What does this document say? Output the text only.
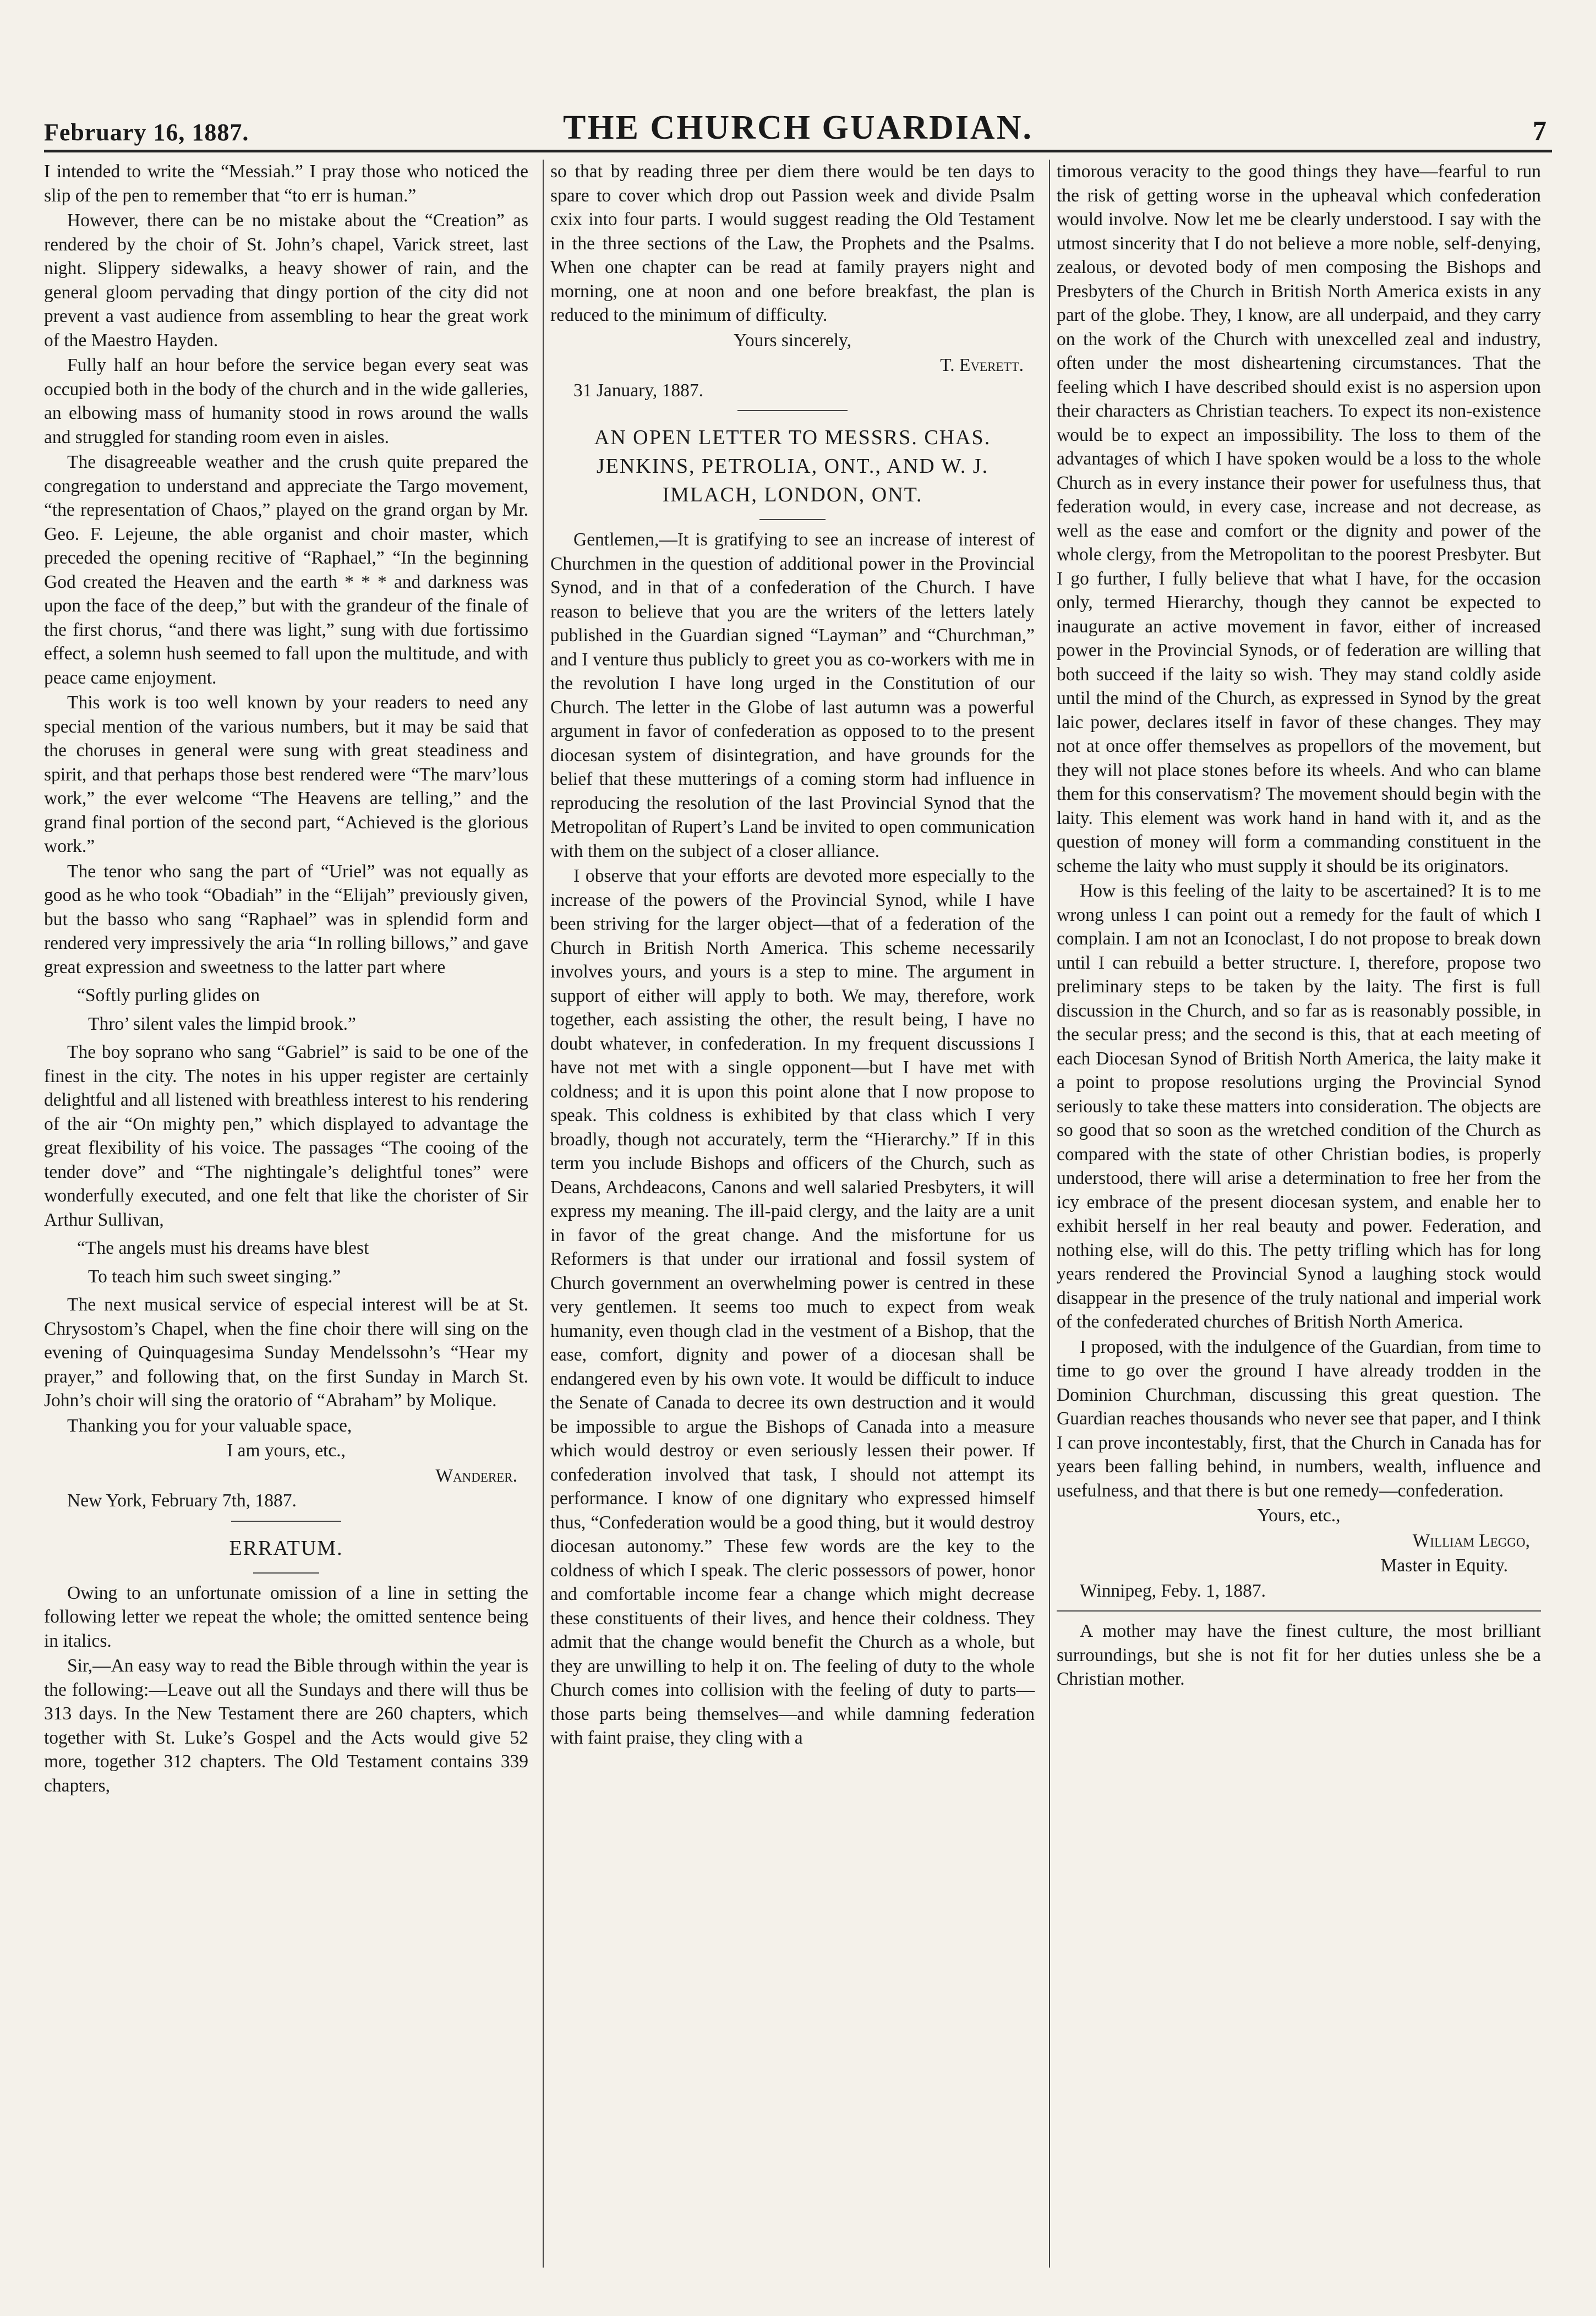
February 16, 1887.	THE CHURCH GUARDIAN.	7

I intended to write the “Messiah.” I pray those who noticed the slip of the pen to remember that “to err is human.”

However, there can be no mistake about the “Creation” as rendered by the choir of St. John’s chapel, Varick street, last night. Slippery sidewalks, a heavy shower of rain, and the general gloom pervading that dingy portion of the city did not prevent a vast audience from assembling to hear the great work of the Maestro Hayden.

Fully half an hour before the service began every seat was occupied both in the body of the church and in the wide galleries, an elbowing mass of humanity stood in rows around the walls and struggled for standing room even in aisles.

The disagreeable weather and the crush quite prepared the congregation to understand and appreciate the Targo movement, “the representation of Chaos,” played on the grand organ by Mr. Geo. F. Lejeune, the able organist and choir master, which preceded the opening recitive of “Raphael,” “In the beginning God created the Heaven and the earth * * * and darkness was upon the face of the deep,” but with the grandeur of the finale of the first chorus, “and there was light,” sung with due fortissimo effect, a solemn hush seemed to fall upon the multitude, and with peace came enjoyment.

This work is too well known by your readers to need any special mention of the various numbers, but it may be said that the choruses in general were sung with great steadiness and spirit, and that perhaps those best rendered were “The marv’lous work,” the ever welcome “The Heavens are telling,” and the grand final portion of the second part, “Achieved is the glorious work.”

The tenor who sang the part of “Uriel” was not equally as good as he who took “Obadiah” in the “Elijah” previously given, but the basso who sang “Raphael” was in splendid form and rendered very impressively the aria “In rolling billows,” and gave great expression and sweetness to the latter part where

“Softly purling glides on

Thro’ silent vales the limpid brook.”

The boy soprano who sang “Gabriel” is said to be one of the finest in the city. The notes in his upper register are certainly delightful and all listened with breathless interest to his rendering of the air “On mighty pen,” which displayed to advantage the great flexibility of his voice. The passages “The cooing of the tender dove” and “The nightingale’s delightful tones” were wonderfully executed, and one felt that like the chorister of Sir Arthur Sullivan,

“The angels must his dreams have blest

To teach him such sweet singing.”

The next musical service of especial interest will be at St. Chrysostom’s Chapel, when the fine choir there will sing on the evening of Quinquagesima Sunday Mendelssohn’s “Hear my prayer,” and following that, on the first Sunday in March St. John’s choir will sing the oratorio of “Abraham” by Molique.

Thanking you for your valuable space,

I am yours, etc.,

Wanderer.

New York, February 7th, 1887.

ERRATUM.

Owing to an unfortunate omission of a line in setting the following letter we repeat the whole; the omitted sentence being in italics.

Sir,—An easy way to read the Bible through within the year is the following:—Leave out all the Sundays and there will thus be 313 days. In the New Testament there are 260 chapters, which together with St. Luke’s Gospel and the Acts would give 52 more, together 312 chapters. The Old Testament contains 339 chapters,

so that by reading three per diem there would be ten days to spare to cover which drop out Passion week and divide Psalm cxix into four parts. I would suggest reading the Old Testament in the three sections of the Law, the Prophets and the Psalms. When one chapter can be read at family prayers night and morning, one at noon and one before breakfast, the plan is reduced to the minimum of difficulty.

Yours sincerely,

T. Everett.

31 January, 1887.

AN OPEN LETTER TO MESSRS. CHAS. JENKINS, PETROLIA, ONT., AND W. J. IMLACH, LONDON, ONT.

Gentlemen,—It is gratifying to see an increase of interest of Churchmen in the question of additional power in the Provincial Synod, and in that of a confederation of the Church. I have reason to believe that you are the writers of the letters lately published in the Guardian signed “Layman” and “Churchman,” and I venture thus publicly to greet you as co-workers with me in the revolution I have long urged in the Constitution of our Church. The letter in the Globe of last autumn was a powerful argument in favor of confederation as opposed to to the present diocesan system of disintegration, and have grounds for the belief that these mutterings of a coming storm had influence in reproducing the resolution of the last Provincial Synod that the Metropolitan of Rupert’s Land be invited to open communication with them on the subject of a closer alliance.

I observe that your efforts are devoted more especially to the increase of the powers of the Provincial Synod, while I have been striving for the larger object—that of a federation of the Church in British North America. This scheme necessarily involves yours, and yours is a step to mine. The argument in support of either will apply to both. We may, therefore, work together, each assisting the other, the result being, I have no doubt whatever, in confederation. In my frequent discussions I have not met with a single opponent—but I have met with coldness; and it is upon this point alone that I now propose to speak. This coldness is exhibited by that class which I very broadly, though not accurately, term the “Hierarchy.” If in this term you include Bishops and officers of the Church, such as Deans, Archdeacons, Canons and well salaried Presbyters, it will express my meaning. The ill-paid clergy, and the laity are a unit in favor of the great change. And the misfortune for us Reformers is that under our irrational and fossil system of Church government an overwhelming power is centred in these very gentlemen. It seems too much to expect from weak humanity, even though clad in the vestment of a Bishop, that the ease, comfort, dignity and power of a diocesan shall be endangered even by his own vote. It would be difficult to induce the Senate of Canada to decree its own destruction and it would be impossible to argue the Bishops of Canada into a measure which would destroy or even seriously lessen their power. If confederation involved that task, I should not attempt its performance. I know of one dignitary who expressed himself thus, “Confederation would be a good thing, but it would destroy diocesan autonomy.” These few words are the key to the coldness of which I speak. The cleric possessors of power, honor and comfortable income fear a change which might decrease these constituents of their lives, and hence their coldness. They admit that the change would benefit the Church as a whole, but they are unwilling to help it on. The feeling of duty to the whole Church comes into collision with the feeling of duty to parts—those parts being themselves—and while damning federation with faint praise, they cling with a

timorous veracity to the good things they have—fearful to run the risk of getting worse in the upheaval which confederation would involve. Now let me be clearly understood. I say with the utmost sincerity that I do not believe a more noble, self-denying, zealous, or devoted body of men composing the Bishops and Presbyters of the Church in British North America exists in any part of the globe. They, I know, are all underpaid, and they carry on the work of the Church with unexcelled zeal and industry, often under the most disheartening circumstances. That the feeling which I have described should exist is no aspersion upon their characters as Christian teachers. To expect its non-existence would be to expect an impossibility. The loss to them of the advantages of which I have spoken would be a loss to the whole Church as in every instance their power for usefulness thus, that federation would, in every case, increase and not decrease, as well as the ease and comfort or the dignity and power of the whole clergy, from the Metropolitan to the poorest Presbyter. But I go further, I fully believe that what I have, for the occasion only, termed Hierarchy, though they cannot be expected to inaugurate an active movement in favor, either of increased power in the Provincial Synods, or of federation are willing that both succeed if the laity so wish. They may stand coldly aside until the mind of the Church, as expressed in Synod by the great laic power, declares itself in favor of these changes. They may not at once offer themselves as propellors of the movement, but they will not place stones before its wheels. And who can blame them for this conservatism? The movement should begin with the laity. This element was work hand in hand with it, and as the question of money will form a commanding constituent in the scheme the laity who must supply it should be its originators.

How is this feeling of the laity to be ascertained? It is to me wrong unless I can point out a remedy for the fault of which I complain. I am not an Iconoclast, I do not propose to break down until I can rebuild a better structure. I, therefore, propose two preliminary steps to be taken by the laity. The first is full discussion in the Church, and so far as is reasonably possible, in the secular press; and the second is this, that at each meeting of each Diocesan Synod of British North America, the laity make it a point to propose resolutions urging the Provincial Synod seriously to take these matters into consideration. The objects are so good that so soon as the wretched condition of the Church as compared with the state of other Christian bodies, is properly understood, there will arise a determination to free her from the icy embrace of the present diocesan system, and enable her to exhibit herself in her real beauty and power. Federation, and nothing else, will do this. The petty trifling which has for long years rendered the Provincial Synod a laughing stock would disappear in the presence of the truly national and imperial work of the confederated churches of British North America.

I proposed, with the indulgence of the Guardian, from time to time to go over the ground I have already trodden in the Dominion Churchman, discussing this great question. The Guardian reaches thousands who never see that paper, and I think I can prove incontestably, first, that the Church in Canada has for years been falling behind, in numbers, wealth, influence and usefulness, and that there is but one remedy—confederation.

Yours, etc.,

William Leggo,

Master in Equity.

Winnipeg, Feby. 1, 1887.

A mother may have the finest culture, the most brilliant surroundings, but she is not fit for her duties unless she be a Christian mother.
